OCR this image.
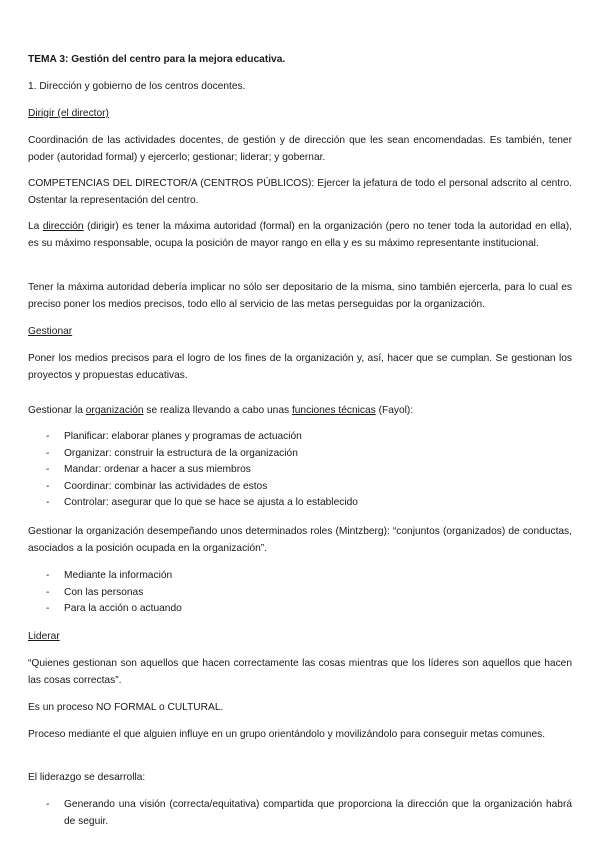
TEMA 3: Gestión del centro para la mejora educativa.

1. Dirección y gobierno de los centros docentes.

Dirigir (el director)

Coordinación de las actividades docentes, de gestión y de dirección que les sean encomendadas. Es también, tener poder (autoridad formal) y ejercerlo; gestionar; liderar; y gobernar.

COMPETENCIAS DEL DIRECTOR/A (CENTROS PÚBLICOS): Ejercer la jefatura de todo el personal adscrito al centro. Ostentar la representación del centro.

La dirección (dirigir) es tener la máxima autoridad (formal) en la organización (pero no tener toda la autoridad en ella), es su máximo responsable, ocupa la posición de mayor rango en ella y es su máximo representante institucional.

Tener la máxima autoridad debería implicar no sólo ser depositario de la misma, sino también ejercerla, para lo cual es preciso poner los medios precisos, todo ello al servicio de las metas perseguidas por la organización.

Gestionar

Poner los medios precisos para el logro de los fines de la organización y, así, hacer que se cumplan. Se gestionan los proyectos y propuestas educativas.

Gestionar la organización se realiza llevando a cabo unas funciones técnicas (Fayol):

- Planificar: elaborar planes y programas de actuación
- Organizar: construir la estructura de la organización
- Mandar: ordenar a hacer a sus miembros
- Coordinar: combinar las actividades de estos
- Controlar: asegurar que lo que se hace se ajusta a lo establecido

Gestionar la organización desempeñando unos determinados roles (Mintzberg): “conjuntos (organizados) de conductas, asociados a la posición ocupada en la organización”.

- Mediante la información
- Con las personas
- Para la acción o actuando

Liderar

“Quienes gestionan son aquellos que hacen correctamente las cosas mientras que los líderes son aquellos que hacen las cosas correctas”.

Es un proceso NO FORMAL o CULTURAL.

Proceso mediante el que alguien influye en un grupo orientándolo y movilizándolo para conseguir metas comunes.

El liderazgo se desarrolla:

- Generando una visión (correcta/equitativa) compartida que proporciona la dirección que la organización habrá de seguir.
